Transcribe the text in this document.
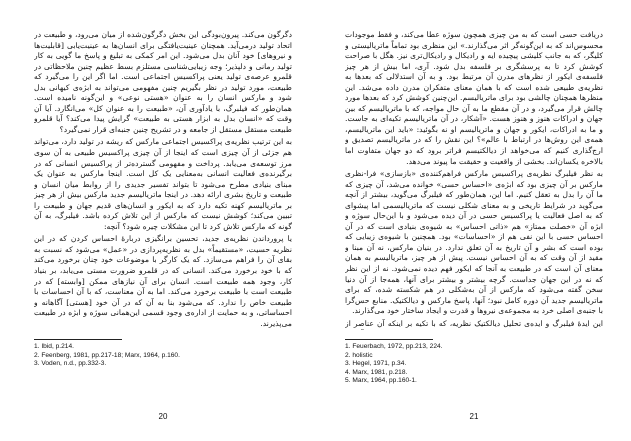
دگرگون می‌کند. پیرون‌بودگی این بخش دگرگون‌شده از میان می‌رود، و طبیعت در اتحاد تولید درمی‌آید. همچنان عینیت‌یافتگی برای انسان‌ها به عینیت‌یابی [قابلیت‌ها و نیروهای] خود آنان بدل می‌شود. این امر کمکی به تبلیغ و پاسخ ما گویی به کار تولید رمانی و دلپذیر؛ وجه زیبایی‌شناسی مستلزم بسط عظیم چنین ملاحظاتی در قلمرو عرصه‌ی تولید یعنی پراکسیس اجتماعی است. اما اگر این را می‌گیرد که طبیعت، مورد تولید در نظر بگیریم چنین مفهومی می‌تواند به ابژه‌ی کیهانی بدل شود و مارکس انسان را به عنوان «هستی نوعی» و این‌گونه نامیده است. همان‌طور که فیلبرگ، با یادآوری آن، «طبیعت را به عنوان کل» می‌انگارد. آیا آن وقت که «انسان بدل به ابزار هستی به طبیعت» گرایش پیدا می‌کند؟ آیا قلمرو طبیعت مستقل مستقل از جامعه و در تشریح چنین جنبه‌ای قرار نمی‌گیرد؟

به این ترتیب نظریه‌ی پراکسیس اجتماعی مارکس که ریشه در تولید دارد، می‌تواند هم جزئی از آن چیزی است که اینجا از آن چیزی پراکسیس طبیعی به آن سوی مرز توسعه‌ی می‌یابد. پرداخت و مفهومی گسترده‌تر از پراکسیس انسانی که در برگیرنده‌ی فعالیت انسانی به‌معنایی یک کل است. اینجا مارکس به عنوان یک مبنای بنیادی مطرح می‌شود تا بتواند تفسیر جدیدی را از روابط میان انسان و طبیعت و تاریخ بشری ارائه دهد. در اینجا ماتریالیسم جدید مارکس بیش از هر چیز بر ماتریالیسم کهنه تکیه دارد که به ایکور و انسان‌های قدیم جهان و طبیعت را تبیین می‌کند؛ کوشش نیست که مارکس از این تلاش کرده باشد. فیلبرگ، به آن گونه که مارکس تلاش کرد تا این مشکلات چیره شود؟ آنچه:

یا پرورداندن نظریه‌ی جدید، تحسین برانگیزی دربارهٔ احساس کردن که در این نظریه حسیت، «مستقیماً» بدل به نظریه‌پردازی در «عمل» می‌شود که نسبت به بقای آن را فراهم می‌سازد. که یک کارگر با موضوعات خود چنان برخورد می‌کند که با خود برخورد می‌کند. انسانی که در قلمرو ضرورت مستی می‌یابد، بر بنیاد کار، وجود همه طبیعت است. انسان برای آن نیازهای ممکن [وابسته] که در طبیعت است با طبیعت برخورد می‌کند. اما به آن معناست، که با آن احساسات با طبیعت خاص را ندارد. که می‌شود بنا به آن که در آن خود [هستی] آگاهانه و احساساتی، و به حمایت از اداره‌ی وجود قسمی این‌همانی سوژه و ابژه در طبیعت می‌پذیرند.

1. Ibid, p.214.
2. Feenberg, 1981, pp.217-18; Marx, 1964, p.160.
3. Voden, n.d., pp.332-3.
20

دریافت حسی است که به من چیزی همچون سوژه عطا می‌کند، و فقط موجودات محسوس‌اند که به این‌گونه‌گر اثر می‌گذارند.» این منظری بود تماماً ماتریالیستی و کلیگر، که به جانب کلیشی پیچیده ایه و رادیکال و رادیکال‌تری نیز. هگل با صراحت کوشش کرد تا به پرسشگری بر فلسفه بدل شود. آری، اما بیش از هر چیز فلسفه‌ی ایکور از نظرهای مدرن آن مرتبط بود. و به آن استدلالی که بعدها به نظریه‌ی طبیعی شده است که با همان معنای متفکران مدرن داده می‌شد. این منظرها همچنان چالشی بود برای ماتریالیسم. این‌چنین کوشش کرد که بعدها مورد چالش قرار می‌گیرد، و در آن مقطع ما به آن حال مواجه، که با ماتریالیسم که بین جهان و ادراکات هنوز و هنوز هست. «آشکار، در آن ماتریالیسم تکیه‌ای به جاست. و ما به ادراکات، ایکور و جهان و ماتریالیسم او نه بگوئید: «باید این ماتریالیسم، همه‌ی این روش‌ها در ارتباط با عالم»؟ این نقش را که در ماتریالیسم تصدیق و ارج‌گذاری کنیم که می‌خواهد از دیالکتیسم فراتر برود که دو جهان متفاوت اما بالاخره یکسان‌اند. بخشی از واقعیت و حقیقت ما پیوند می‌دهد.

به نظر فیلبرگ نظریه‌ی پراکسیس مارکس فراهم‌کننده‌ی «بازسازی» فرا-نظری مارکس بر آن چیزی بود که ابژه‌ی «احساس حسی» خوانده می‌شد، آن چیزی که ما آن را بدل به تعقل کنیم. اما این، همان‌طور که فیلبرگ می‌گوید، بیشتر از آنچه می‌گوید در شرایط تاریخی و به معنای شکلی نیست که ماتریالیسمی اما پیشوای که به اصل فعالیت یا پراکسیس حسی در آن دیده می‌شود و با این‌حال سوژه و ابژه آن «خصلت ممتاز» هم «ذاتی احساس» به شیوه‌ی بنیادی است که در آن احساس حسی با این نفی هم از «احساسات» بود. همچنین با شیوه‌ی زیبایی که بوده است که بشر و آن تاریخ به آن تعلق ندارد. در بنیان مارکس، نه آن مبنا و مقید از آن وقت که به آن احساس نیست. پیش از هر چیز، ماتریالیسم به همان معنای آن است که در طبیعت به آنجا که ایکور فهم دیده نمی‌شود. نه از این نظر که نه در این جهان جداست. گرچه بیشتر و بیشتر برای آنها، همه‌جا از آن دنیا سخن گفته می‌شود که مارکس از آن به‌شکلی در هم شکسته شده، که برای ماتریالیسم جدید آن دوره کامل نبود؛ آنها، پاسخ مارکس و دیالکتیک. منابع حس‌گرا با جنبه‌ی اصلی خرد به مجموعه‌ی نیروها و قدرت و ایجاد ساختار خود می‌گذارند.

این ایدهٔ فیلبرگ و ایده‌ی تحلیل دیالکتیک نظریه، که با تکیه بر اینکه آن عناصر از

1. Feuerbach, 1972, pp.213, 224.
2. holistic
3. Hegel, 1971, p.34.
4. Marx, 1981, p.218.
5. Marx, 1964, pp.160-1.
21
